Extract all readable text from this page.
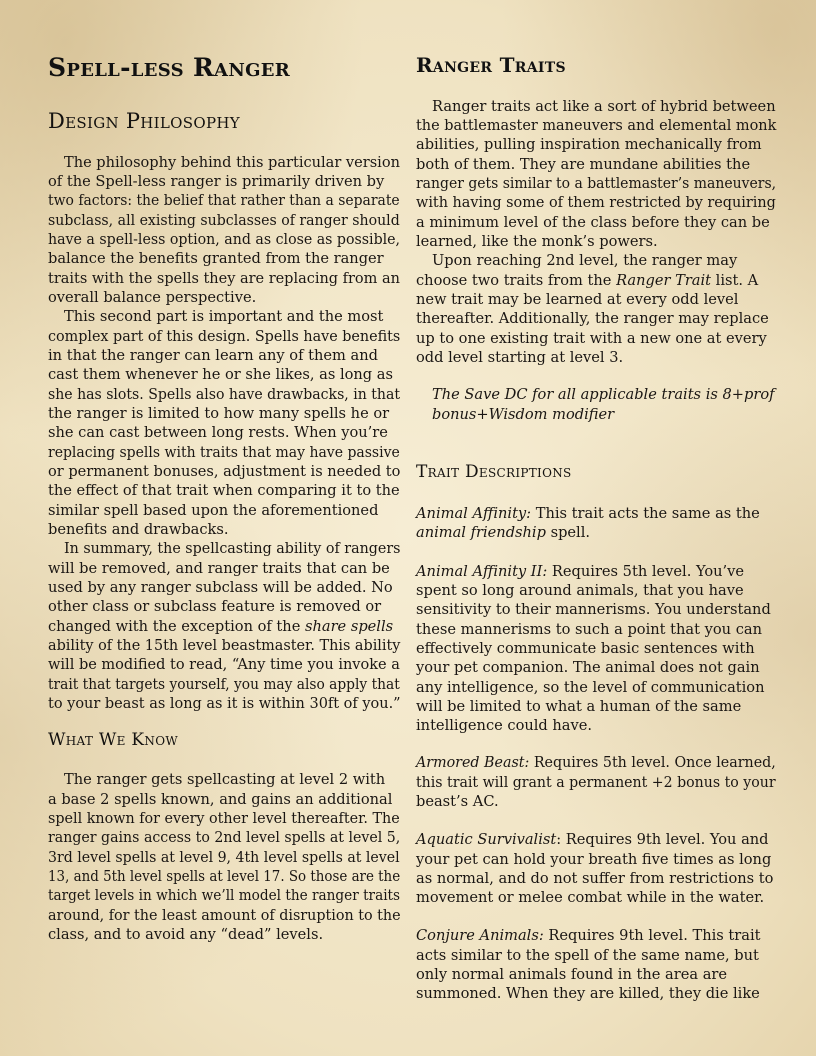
Spell-less Ranger
Design Philosophy
The philosophy behind this particular version
of the Spell-less ranger is primarily driven by
two factors: the belief that rather than a separate
subclass, all existing subclasses of ranger should
have a spell-less option, and as close as possible,
balance the benefits granted from the ranger
traits with the spells they are replacing from an
overall balance perspective.
This second part is important and the most
complex part of this design. Spells have benefits
in that the ranger can learn any of them and
cast them whenever he or she likes, as long as
she has slots. Spells also have drawbacks, in that
the ranger is limited to how many spells he or
she can cast between long rests. When you’re
replacing spells with traits that may have passive
or permanent bonuses, adjustment is needed to
the effect of that trait when comparing it to the
similar spell based upon the aforementioned
benefits and drawbacks.
In summary, the spellcasting ability of rangers
will be removed, and ranger traits that can be
used by any ranger subclass will be added. No
other class or subclass feature is removed or
changed with the exception of the share spells
ability of the 15th level beastmaster. This ability
will be modified to read, “Any time you invoke a
trait that targets yourself, you may also apply that
to your beast as long as it is within 30ft of you.”
What We Know
The ranger gets spellcasting at level 2 with
a base 2 spells known, and gains an additional
spell known for every other level thereafter. The
ranger gains access to 2nd level spells at level 5,
3rd level spells at level 9, 4th level spells at level
13, and 5th level spells at level 17. So those are the
target levels in which we’ll model the ranger traits
around, for the least amount of disruption to the
class, and to avoid any “dead” levels.
Ranger Traits
Ranger traits act like a sort of hybrid between
the battlemaster maneuvers and elemental monk
abilities, pulling inspiration mechanically from
both of them. They are mundane abilities the
ranger gets similar to a battlemaster’s maneuvers,
with having some of them restricted by requiring
a minimum level of the class before they can be
learned, like the monk’s powers.
Upon reaching 2nd level, the ranger may
choose two traits from the Ranger Trait list. A
new trait may be learned at every odd level
thereafter. Additionally, the ranger may replace
up to one existing trait with a new one at every
odd level starting at level 3.
The Save DC for all applicable traits is 8+prof
bonus+Wisdom modifier
Trait Descriptions
Animal Affinity: This trait acts the same as the
animal friendship spell.
Animal Affinity II: Requires 5th level. You’ve
spent so long around animals, that you have
sensitivity to their mannerisms. You understand
these mannerisms to such a point that you can
effectively communicate basic sentences with
your pet companion. The animal does not gain
any intelligence, so the level of communication
will be limited to what a human of the same
intelligence could have.
Armored Beast: Requires 5th level. Once learned,
this trait will grant a permanent +2 bonus to your
beast’s AC.
Aquatic Survivalist: Requires 9th level. You and
your pet can hold your breath five times as long
as normal, and do not suffer from restrictions to
movement or melee combat while in the water.
Conjure Animals: Requires 9th level. This trait
acts similar to the spell of the same name, but
only normal animals found in the area are
summoned. When they are killed, they die like
